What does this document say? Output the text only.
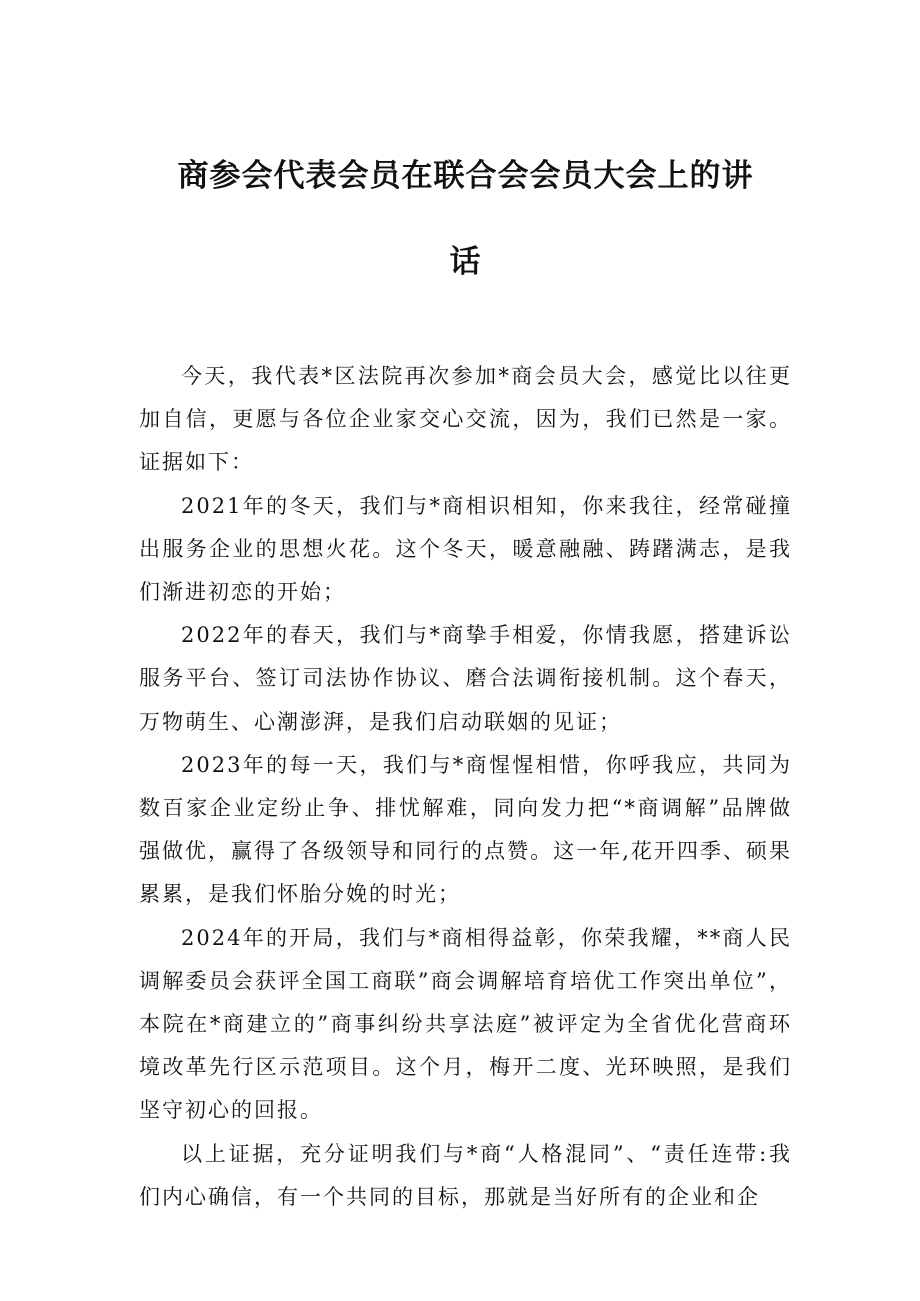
商参会代表会员在联合会会员大会上的讲
话

今天，我代表*区法院再次参加*商会员大会，感觉比以往更加自信，更愿与各位企业家交心交流，因为，我们已然是一家。证据如下：

2021年的冬天，我们与*商相识相知，你来我往，经常碰撞出服务企业的思想火花。这个冬天，暖意融融、踌躇满志，是我们渐进初恋的开始；

2022年的春天，我们与*商挚手相爱，你情我愿，搭建诉讼服务平台、签订司法协作协议、磨合法调衔接机制。这个春天，万物萌生、心潮澎湃，是我们启动联姻的见证；

2023年的每一天，我们与*商惺惺相惜，你呼我应，共同为数百家企业定纷止争、排忧解难，同向发力把“*商调解”品牌做强做优，赢得了各级领导和同行的点赞。这一年,花开四季、硕果累累，是我们怀胎分娩的时光；

2024年的开局，我们与*商相得益彰，你荣我耀，**商人民调解委员会获评全国工商联”商会调解培育培优工作突出单位”，本院在*商建立的”商事纠纷共享法庭”被评定为全省优化营商环境改革先行区示范项目。这个月，梅开二度、光环映照，是我们坚守初心的回报。

以上证据，充分证明我们与*商“人格混同”、“责任连带:我们内心确信，有一个共同的目标，那就是当好所有的企业和企
